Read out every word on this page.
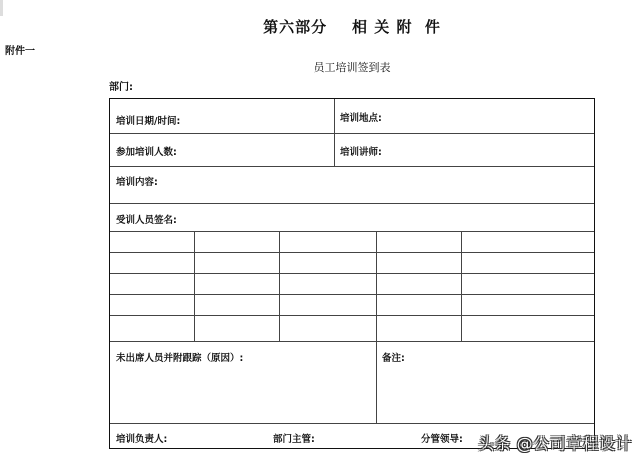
第六部分    相 关 附  件
附件一
员工培训签到表
部门:
培训日期/时间:	培训地点:
参加培训人数:	培训讲师:
培训内容:
受训人员签名:
未出席人员并附跟踪（原因）:	备注:
培训负责人:	部门主管:	分管领导: 头条 @公司章程设计
